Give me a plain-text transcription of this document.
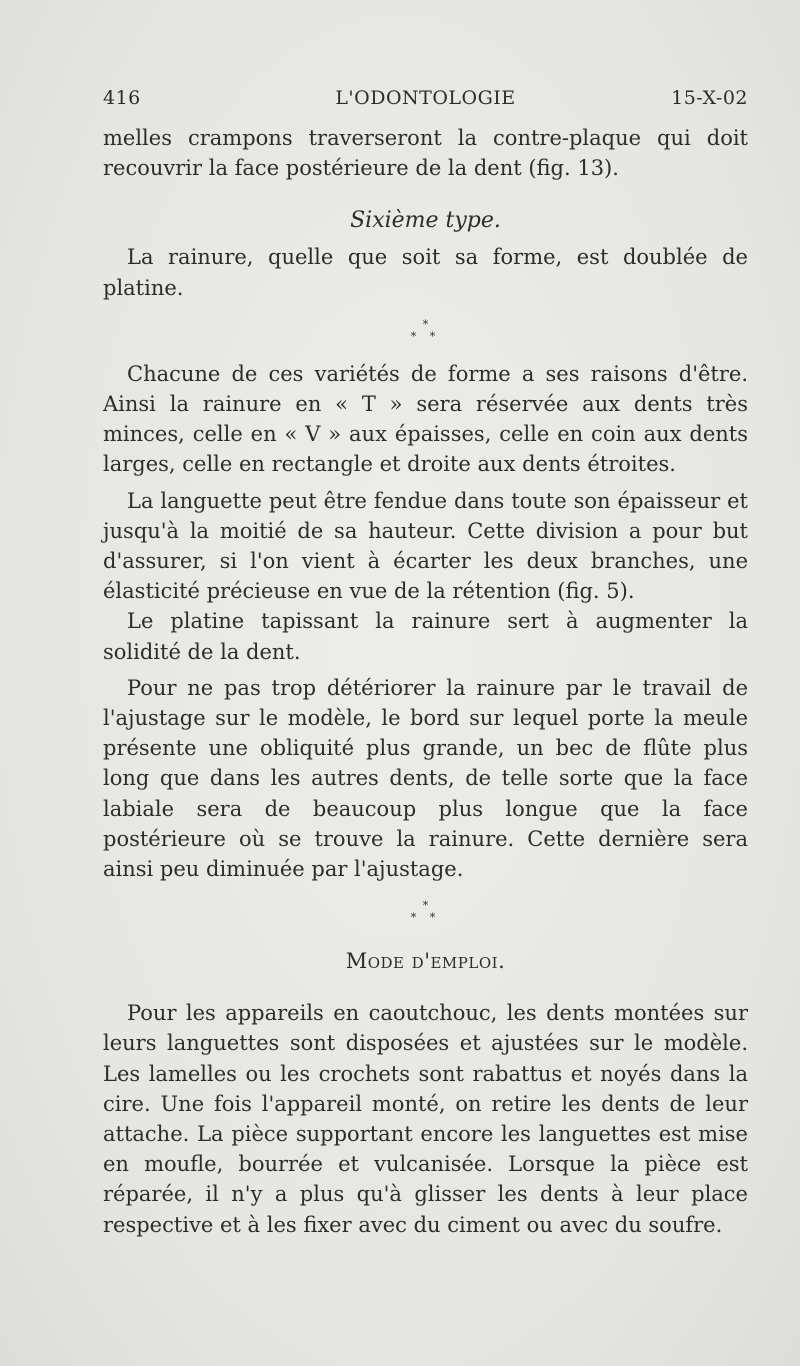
416	L'ODONTOLOGIE	15-X-02

melles crampons traverseront la contre-plaque qui doit recouvrir la face postérieure de la dent (fig. 13).

Sixième type.

La rainure, quelle que soit sa forme, est doublée de platine.

*
* *

Chacune de ces variétés de forme a ses raisons d'être. Ainsi la rainure en « T » sera réservée aux dents très minces, celle en « V » aux épaisses, celle en coin aux dents larges, celle en rectangle et droite aux dents étroites.

La languette peut être fendue dans toute son épaisseur et jusqu'à la moitié de sa hauteur. Cette division a pour but d'assurer, si l'on vient à écarter les deux branches, une élasticité précieuse en vue de la rétention (fig. 5).

Le platine tapissant la rainure sert à augmenter la solidité de la dent.

Pour ne pas trop détériorer la rainure par le travail de l'ajustage sur le modèle, le bord sur lequel porte la meule présente une obliquité plus grande, un bec de flûte plus long que dans les autres dents, de telle sorte que la face labiale sera de beaucoup plus longue que la face postérieure où se trouve la rainure. Cette dernière sera ainsi peu diminuée par l'ajustage.

*
* *
Mode d'emploi.

Pour les appareils en caoutchouc, les dents montées sur leurs languettes sont disposées et ajustées sur le modèle. Les lamelles ou les crochets sont rabattus et noyés dans la cire. Une fois l'appareil monté, on retire les dents de leur attache. La pièce supportant encore les languettes est mise en moufle, bourrée et vulcanisée. Lorsque la pièce est réparée, il n'y a plus qu'à glisser les dents à leur place respective et à les fixer avec du ciment ou avec du soufre.
